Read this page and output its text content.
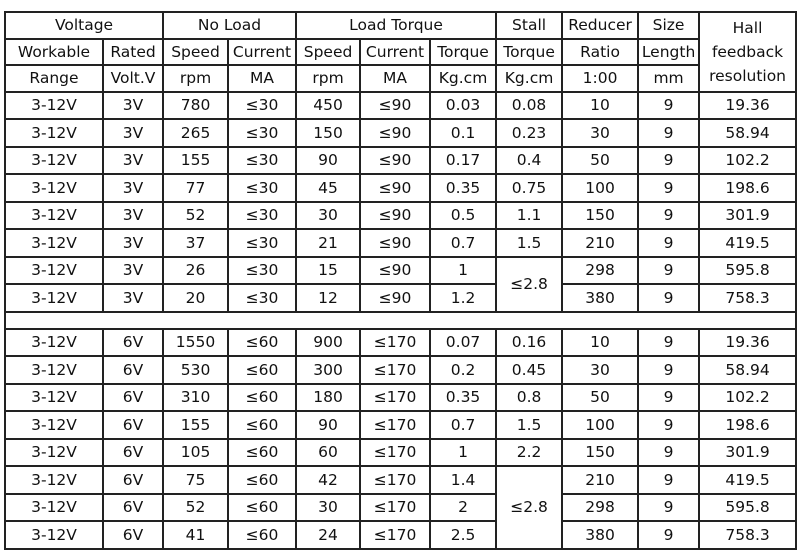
Voltage		No Load		Load Torque			Stall	Reducer	Size	Hall feedback resolution
Workable	Rated	Speed	Current	Speed	Current	Torque	Torque	Ratio	Length	
Range	Volt.V	rpm	MA	rpm	MA	Kg.cm	Kg.cm	1:00	mm	
3-12V	3V	780	≤30	450	≤90	0.03	0.08	10	9	19.36
3-12V	3V	265	≤30	150	≤90	0.1	0.23	30	9	58.94
3-12V	3V	155	≤30	90	≤90	0.17	0.4	50	9	102.2
3-12V	3V	77	≤30	45	≤90	0.35	0.75	100	9	198.6
3-12V	3V	52	≤30	30	≤90	0.5	1.1	150	9	301.9
3-12V	3V	37	≤30	21	≤90	0.7	1.5	210	9	419.5
3-12V	3V	26	≤30	15	≤90	1	≤2.8	298	9	595.8
3-12V	3V	20	≤30	12	≤90	1.2		380	9	758.3

3-12V	6V	1550	≤60	900	≤170	0.07	0.16	10	9	19.36
3-12V	6V	530	≤60	300	≤170	0.2	0.45	30	9	58.94
3-12V	6V	310	≤60	180	≤170	0.35	0.8	50	9	102.2
3-12V	6V	155	≤60	90	≤170	0.7	1.5	100	9	198.6
3-12V	6V	105	≤60	60	≤170	1	2.2	150	9	301.9
3-12V	6V	75	≤60	42	≤170	1.4	≤2.8	210	9	419.5
3-12V	6V	52	≤60	30	≤170	2		298	9	595.8
3-12V	6V	41	≤60	24	≤170	2.5		380	9	758.3
